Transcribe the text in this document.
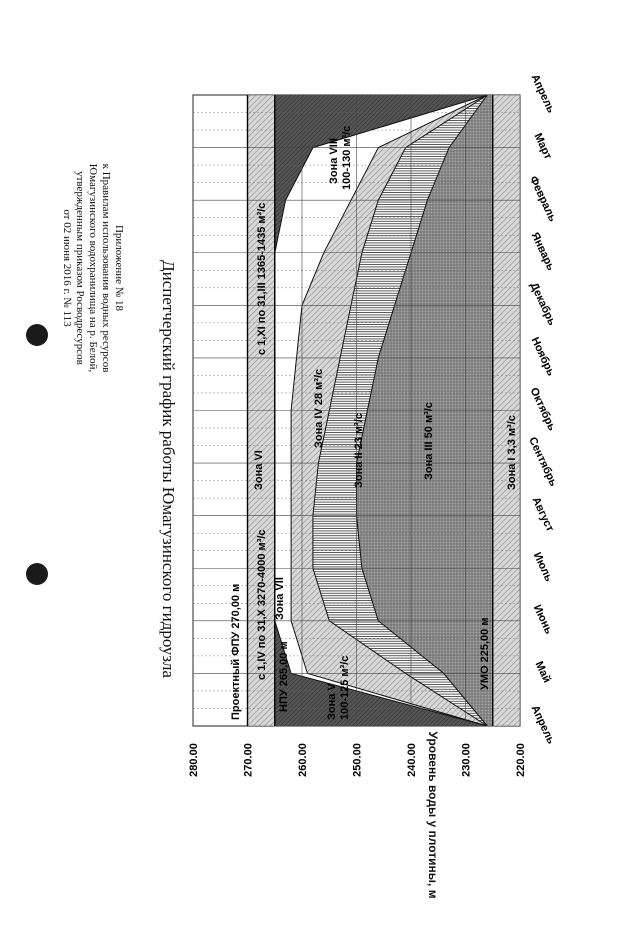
Приложение № 18
к Правилам использования водных ресурсов
Юмагузинского водохранилища на р. Белой,
утвержденным приказом Росводресурсов
от 02 июня 2016 г. № 113	Диспетчерский график работы Юмагузинского гидроузла
Уровень воды у плотины, м
Проектный ФПУ 270,00 м	НПУ 265,00 м	УМО 225,00 м
с 1,IV по 31,X 3270-4000 м³/с
с 1,XI по 31,III 1365-1435 м³/с
Зона VI
Зона VII
Зона IV 28 м³/с
Зона II 23 м³/с	Зона III 50 м³/с	Зона I 3,3 м³/с
Зона V 100-125 м³/с
Зона VIII 100-130 м³/с
220.00
230.00
240.00
250.00
260.00
270.00
280.00
Апрель
Май
Июнь
Июль
Август
Сентябрь
Октябрь
Ноябрь
Декабрь
Январь
Февраль
Март
Апрель
